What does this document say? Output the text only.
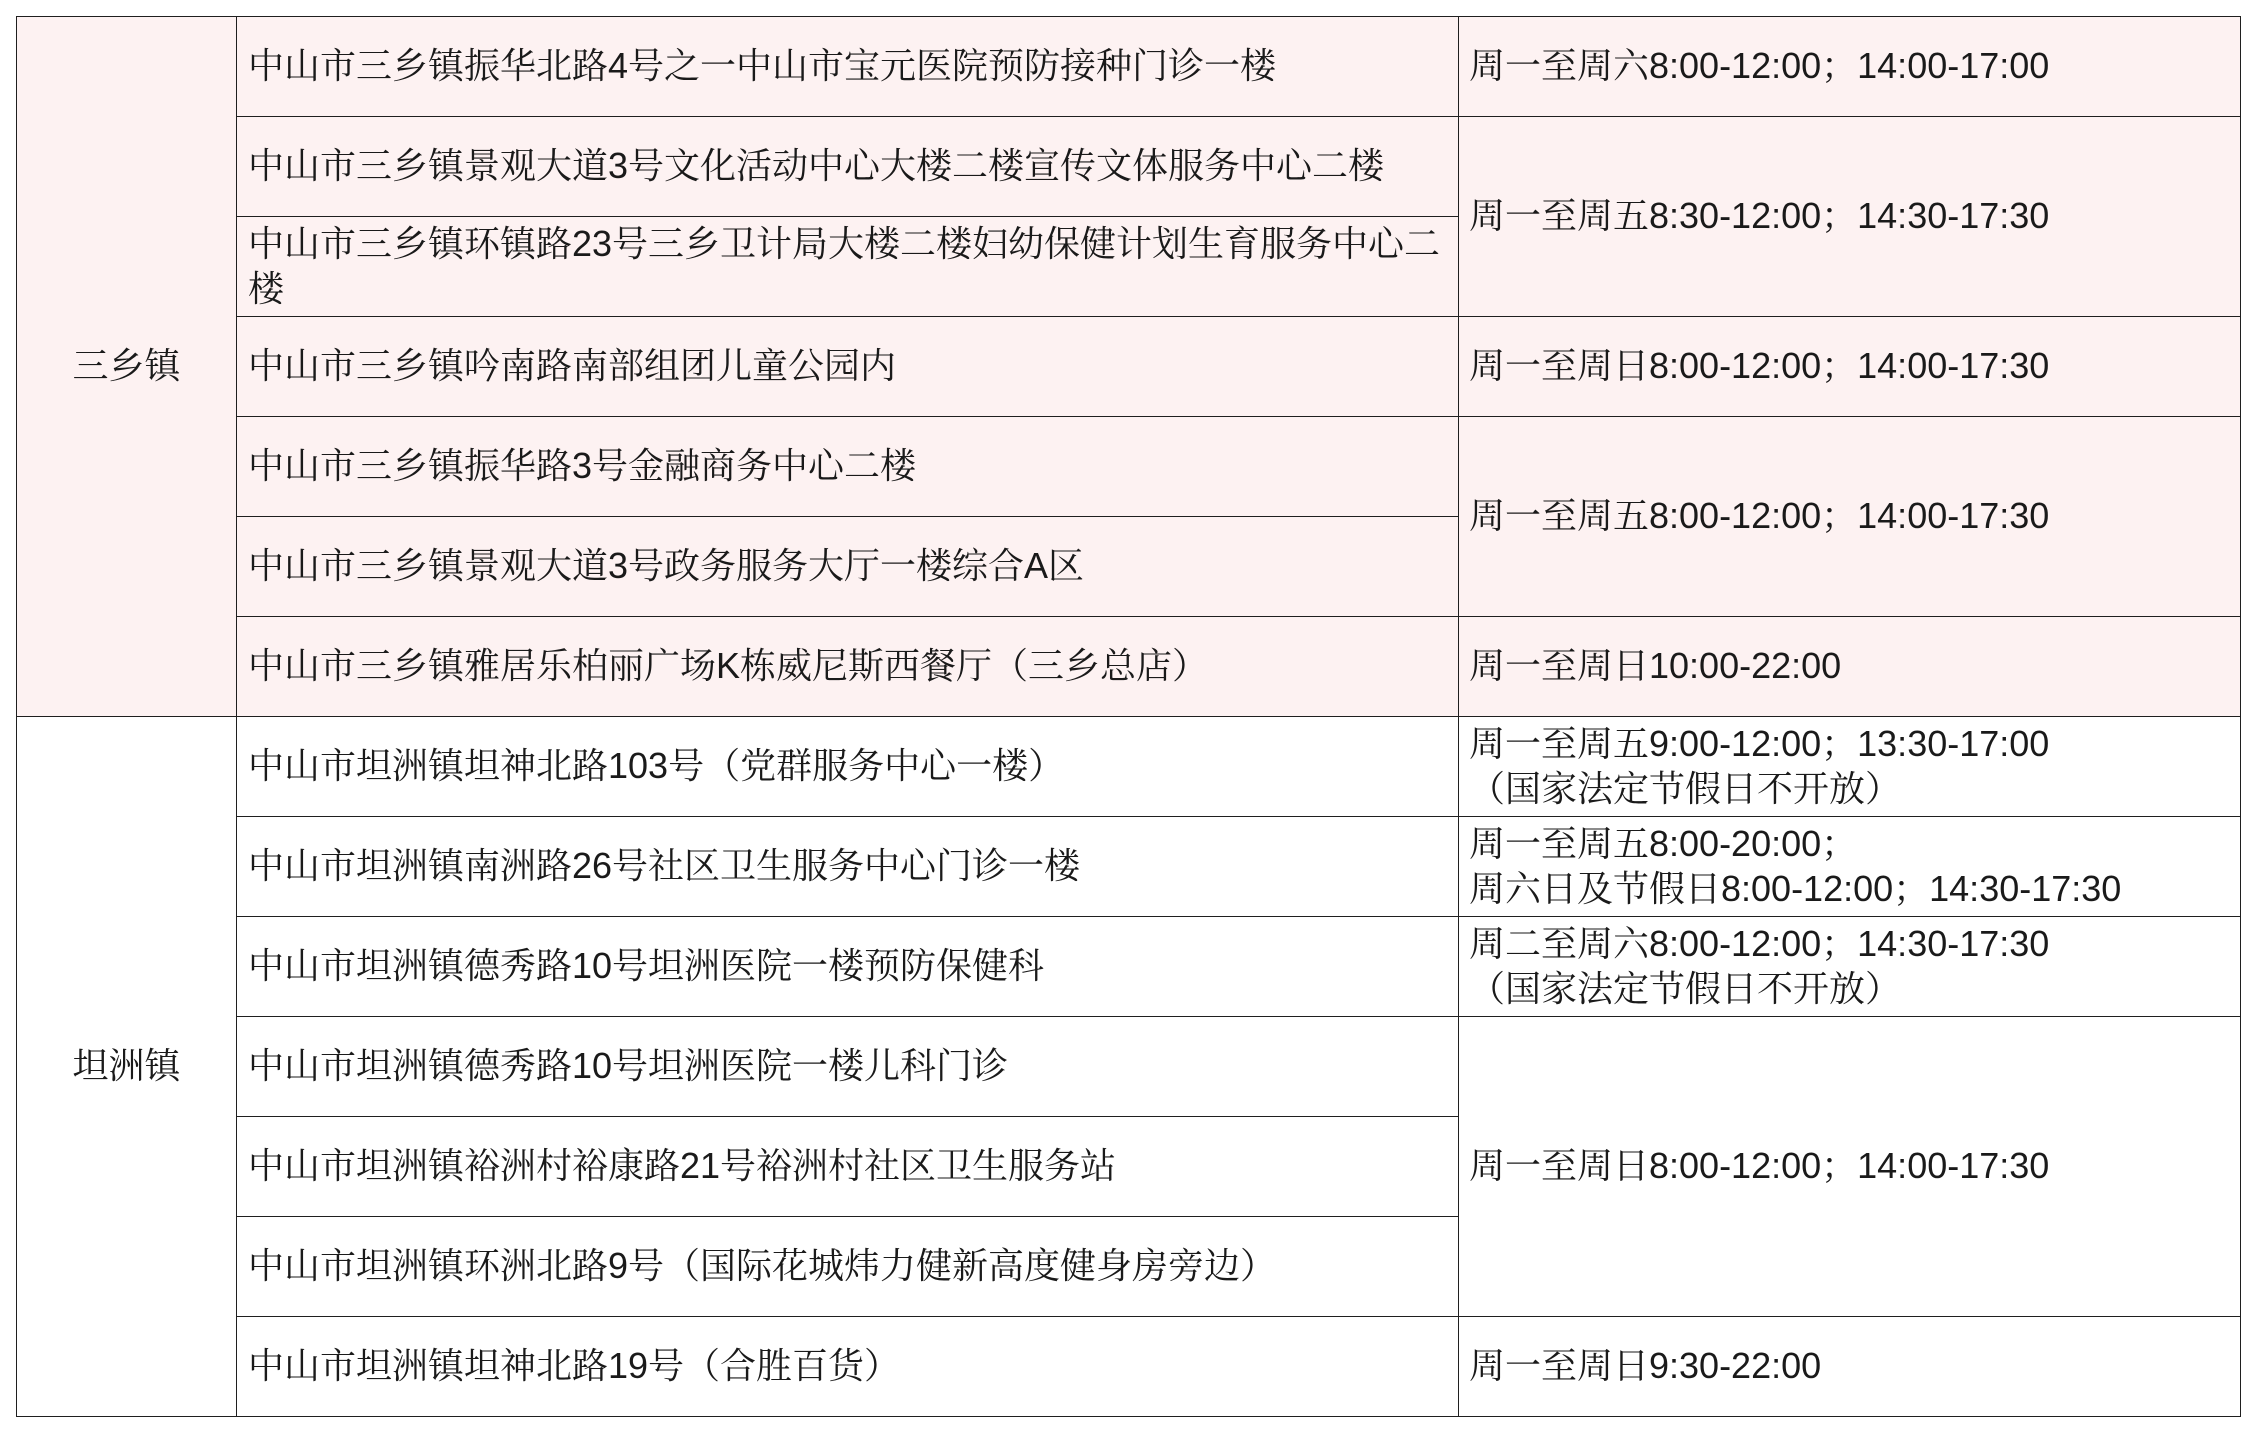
三乡镇	中山市三乡镇振华北路4号之一中山市宝元医院预防接种门诊一楼	周一至周六8:00-12:00；14:00-17:00

	中山市三乡镇景观大道3号文化活动中心大楼二楼宣传文体服务中心二楼	周一至周五8:30-12:00；14:30-17:30

	中山市三乡镇环镇路23号三乡卫计局大楼二楼妇幼保健计划生育服务中心二楼	
	中山市三乡镇吟南路南部组团儿童公园内	周一至周日8:00-12:00；14:00-17:30

	中山市三乡镇振华路3号金融商务中心二楼	周一至周五8:00-12:00；14:00-17:30

	中山市三乡镇景观大道3号政务服务大厅一楼综合A区	
	中山市三乡镇雅居乐柏丽广场K栋威尼斯西餐厅（三乡总店）	周一至周日10:00-22:00

坦洲镇	中山市坦洲镇坦神北路103号（党群服务中心一楼）	周一至周五9:00-12:00；13:30-17:00
（国家法定节假日不开放）

	中山市坦洲镇南洲路26号社区卫生服务中心门诊一楼	周一至周五8:00-20:00；
周六日及节假日8:00-12:00；14:30-17:30

	中山市坦洲镇德秀路10号坦洲医院一楼预防保健科	周二至周六8:00-12:00；14:30-17:30
（国家法定节假日不开放）

	中山市坦洲镇德秀路10号坦洲医院一楼儿科门诊	周一至周日8:00-12:00；14:00-17:30

	中山市坦洲镇裕洲村裕康路21号裕洲村社区卫生服务站	
	中山市坦洲镇环洲北路9号（国际花城炜力健新高度健身房旁边）	
	中山市坦洲镇坦神北路19号（合胜百货）	周一至周日9:30-22:00
